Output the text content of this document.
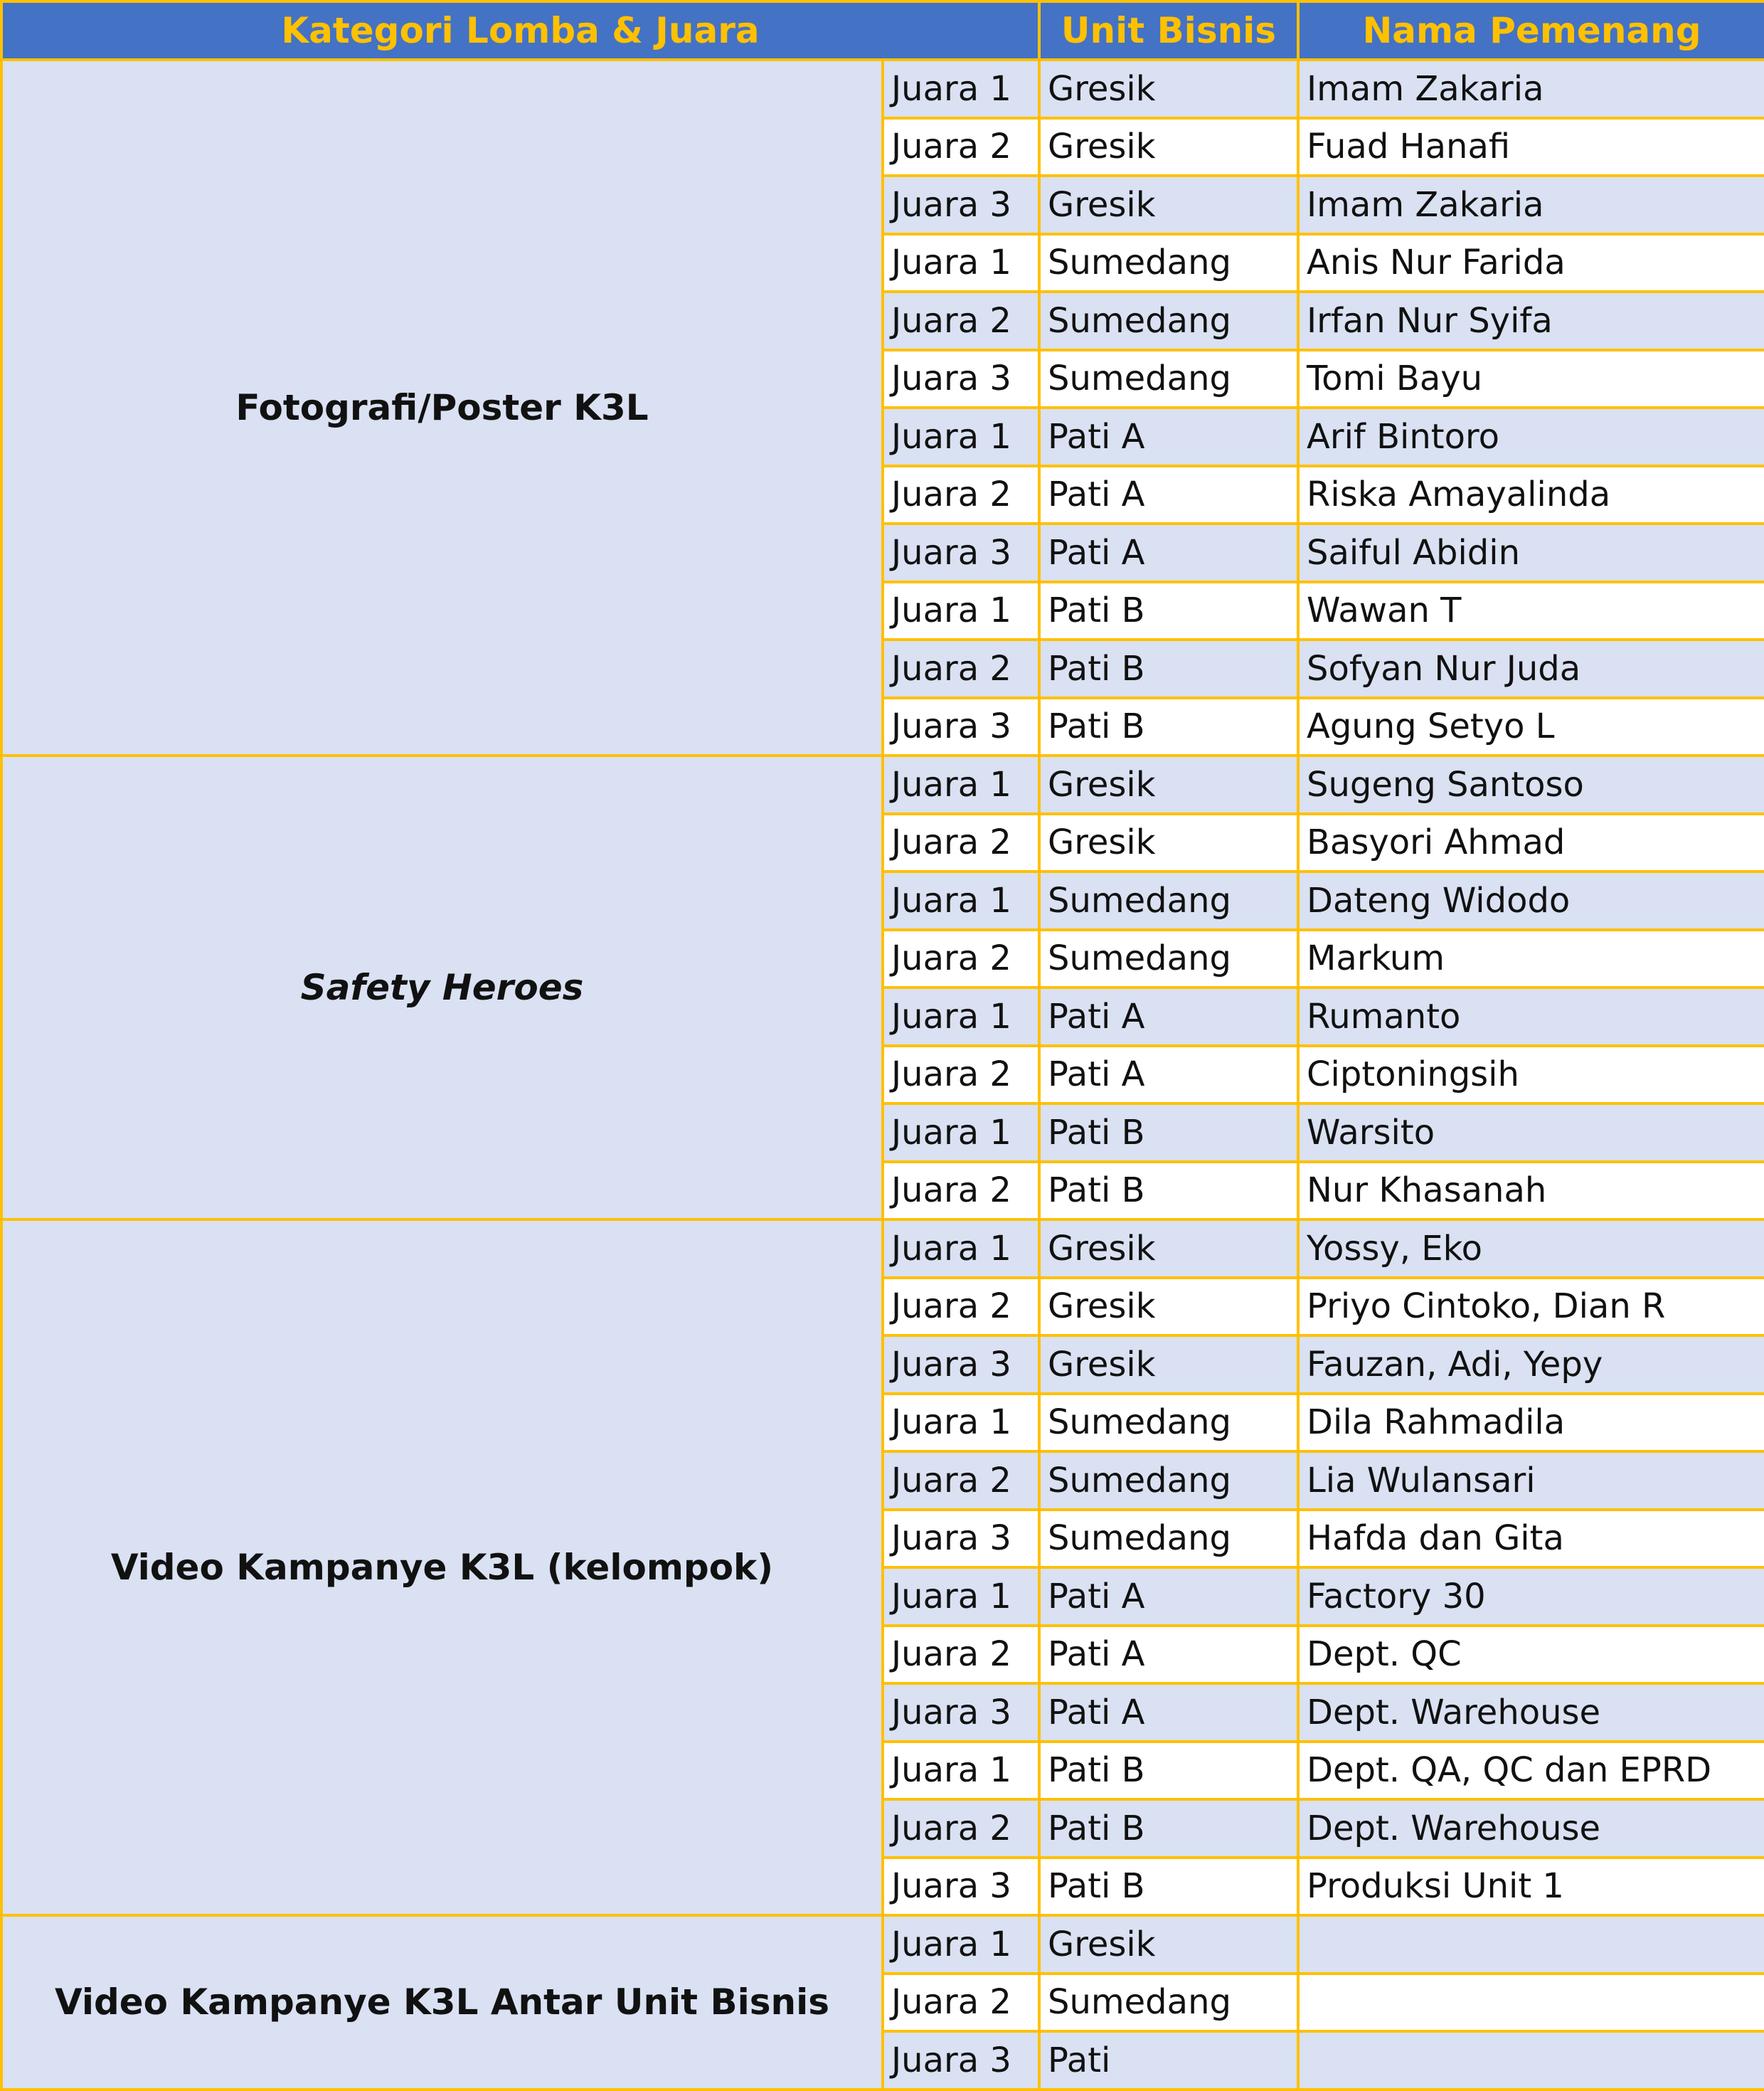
Kategori Lomba & Juara		Unit Bisnis	Nama Pemenang
Fotografi/Poster K3L	Juara 1	Gresik	Imam Zakaria
	Juara 2	Gresik	Fuad Hanafi
	Juara 3	Gresik	Imam Zakaria
	Juara 1	Sumedang	Anis Nur Farida
	Juara 2	Sumedang	Irfan Nur Syifa
	Juara 3	Sumedang	Tomi Bayu
	Juara 1	Pati A	Arif Bintoro
	Juara 2	Pati A	Riska Amayalinda
	Juara 3	Pati A	Saiful Abidin
	Juara 1	Pati B	Wawan T
	Juara 2	Pati B	Sofyan Nur Juda
	Juara 3	Pati B	Agung Setyo L
Safety Heroes	Juara 1	Gresik	Sugeng Santoso
	Juara 2	Gresik	Basyori Ahmad
	Juara 1	Sumedang	Dateng Widodo
	Juara 2	Sumedang	Markum
	Juara 1	Pati A	Rumanto
	Juara 2	Pati A	Ciptoningsih
	Juara 1	Pati B	Warsito
	Juara 2	Pati B	Nur Khasanah
Video Kampanye K3L (kelompok)	Juara 1	Gresik	Yossy, Eko
	Juara 2	Gresik	Priyo Cintoko, Dian R
	Juara 3	Gresik	Fauzan, Adi, Yepy
	Juara 1	Sumedang	Dila Rahmadila
	Juara 2	Sumedang	Lia Wulansari
	Juara 3	Sumedang	Hafda dan Gita
	Juara 1	Pati A	Factory 30
	Juara 2	Pati A	Dept. QC
	Juara 3	Pati A	Dept. Warehouse
	Juara 1	Pati B	Dept. QA, QC dan EPRD
	Juara 2	Pati B	Dept. Warehouse
	Juara 3	Pati B	Produksi Unit 1
Video Kampanye K3L Antar Unit Bisnis	Juara 1	Gresik	
	Juara 2	Sumedang	
	Juara 3	Pati	
